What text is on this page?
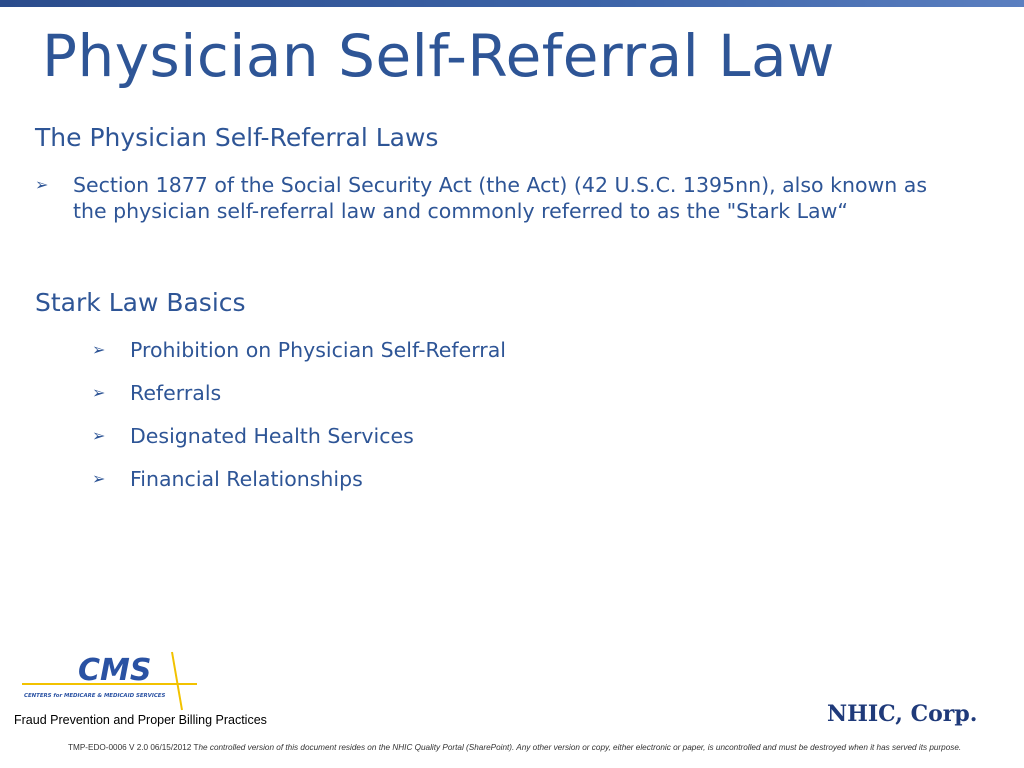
Physician Self-Referral Law
The Physician Self-Referral Laws
➢	Section 1877 of the Social Security Act (the Act) (42 U.S.C. 1395nn), also known as the physician self-referral law and commonly referred to as the "Stark Law“
Stark Law Basics
➢	Prohibition on Physician Self-Referral
➢	Referrals
➢	Designated Health Services
➢	Financial Relationships
CMS
CENTERS for MEDICARE & MEDICAID SERVICES
Fraud Prevention and Proper Billing Practices	NHIC, Corp.
TMP-EDO-0006 V 2.0 06/15/2012 The controlled version of this document resides on the NHIC Quality Portal (SharePoint). Any other version or copy, either electronic or paper, is uncontrolled and must be destroyed when it has served its purpose.
